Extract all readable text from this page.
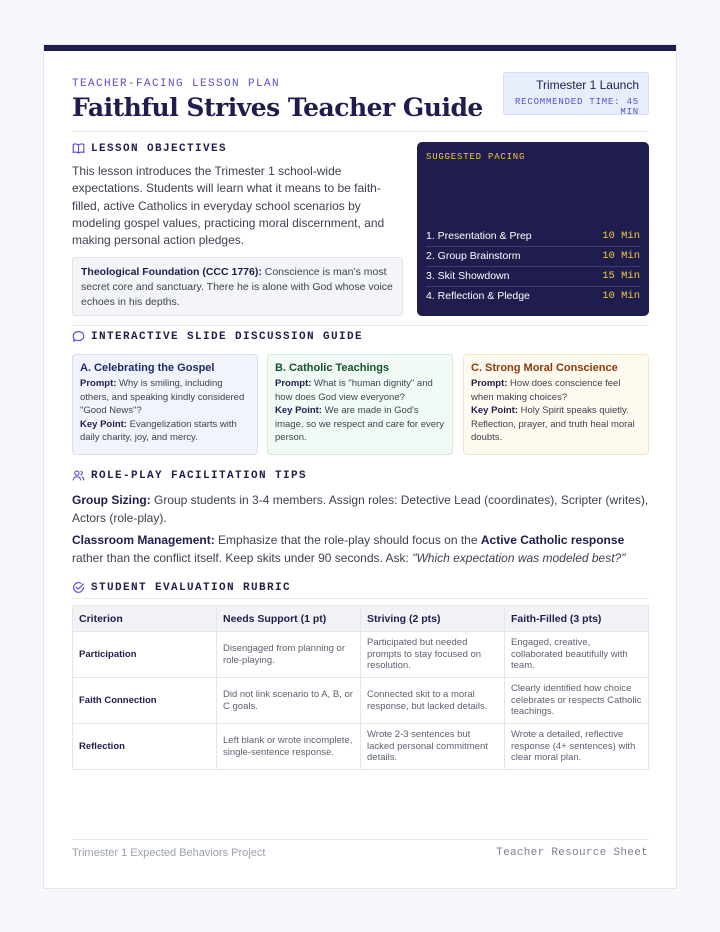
TEACHER-FACING LESSON PLAN
Faithful Strives Teacher Guide
Trimester 1 Launch
RECOMMENDED TIME: 45 MIN
LESSON OBJECTIVES
This lesson introduces the Trimester 1 school-wide expectations. Students will learn what it means to be faith-filled, active Catholics in everyday school scenarios by modeling gospel values, practicing moral discernment, and making personal action pledges.
Theological Foundation (CCC 1776): Conscience is man’s most secret core and sanctuary. There he is alone with God whose voice echoes in his depths.
SUGGESTED PACING
1. Presentation & Prep	10 Min
2. Group Brainstorm	10 Min
3. Skit Showdown	15 Min
4. Reflection & Pledge	10 Min
INTERACTIVE SLIDE DISCUSSION GUIDE
A. Celebrating the Gospel
Prompt: Why is smiling, including others, and speaking kindly considered "Good News"?
Key Point: Evangelization starts with daily charity, joy, and mercy.
B. Catholic Teachings
Prompt: What is "human dignity" and how does God view everyone?
Key Point: We are made in God's image, so we respect and care for every person.
C. Strong Moral Conscience
Prompt: How does conscience feel when making choices?
Key Point: Holy Spirit speaks quietly. Reflection, prayer, and truth heal moral doubts.
ROLE-PLAY FACILITATION TIPS
Group Sizing: Group students in 3-4 members. Assign roles: Detective Lead (coordinates), Scripter (writes), Actors (role-play).
Classroom Management: Emphasize that the role-play should focus on the Active Catholic response rather than the conflict itself. Keep skits under 90 seconds. Ask: "Which expectation was modeled best?"
STUDENT EVALUATION RUBRIC
Criterion	Needs Support (1 pt)	Striving (2 pts)	Faith-Filled (3 pts)
Participation	Disengaged from planning or role-playing.	Participated but needed prompts to stay focused on resolution.	Engaged, creative, collaborated beautifully with team.
Faith Connection	Did not link scenario to A, B, or C goals.	Connected skit to a moral response, but lacked details.	Clearly identified how choice celebrates or respects Catholic teachings.
Reflection	Left blank or wrote incomplete, single-sentence response.	Wrote 2-3 sentences but lacked personal commitment details.	Wrote a detailed, reflective response (4+ sentences) with clear moral plan.
Trimester 1 Expected Behaviors Project	Teacher Resource Sheet
